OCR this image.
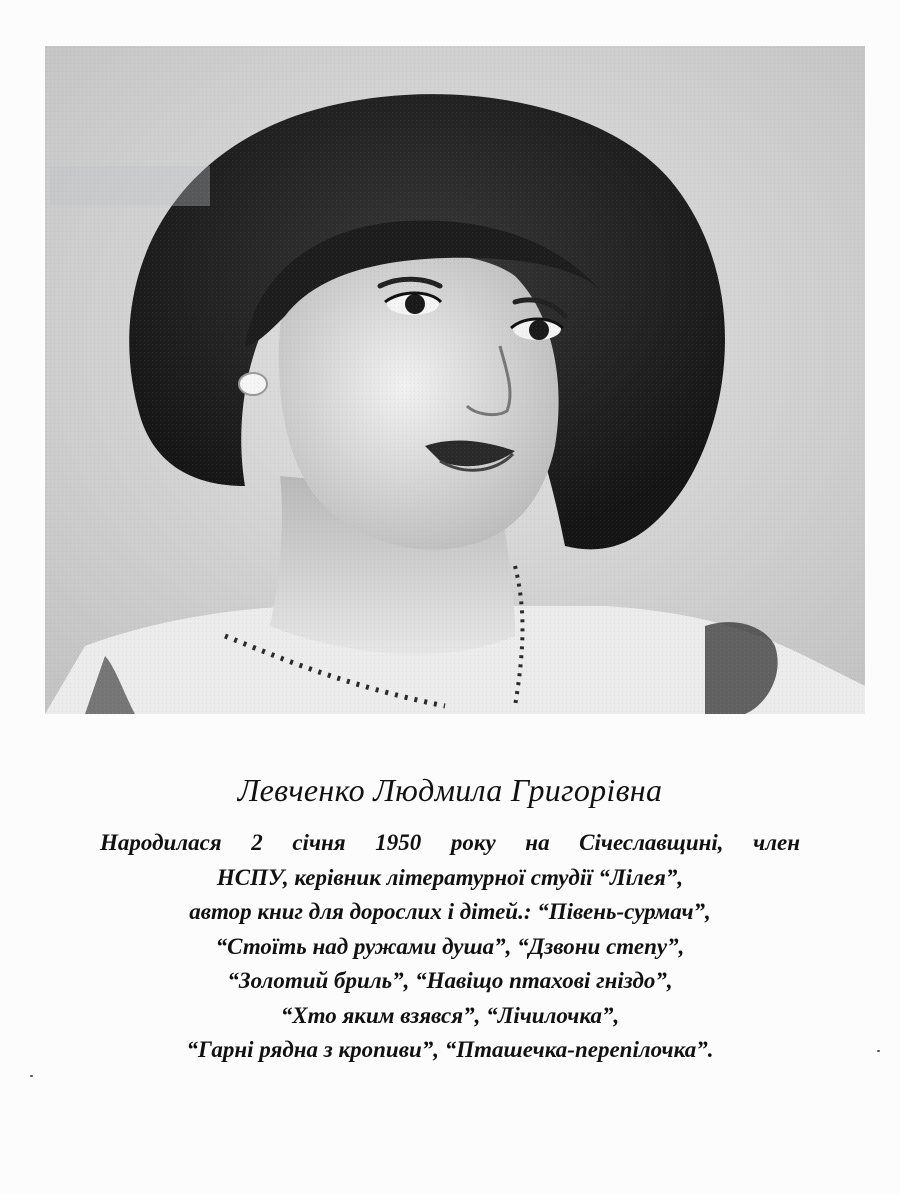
Левченко Людмила Григорівна
Народилася 2 січня 1950 року на Січеславщині, член
НСПУ, керівник літературної студії “Лілея”,
автор книг для дорослих і дітей.: “Півень-сурмач”,
“Стоїть над ружами душа”, “Дзвони степу”,
“Золотий бриль”, “Навіщо птахові гніздо”,
“Хто яким взявся”, “Лічилочка”,
“Гарні рядна з кропиви”, “Пташечка-перепілочка”.
